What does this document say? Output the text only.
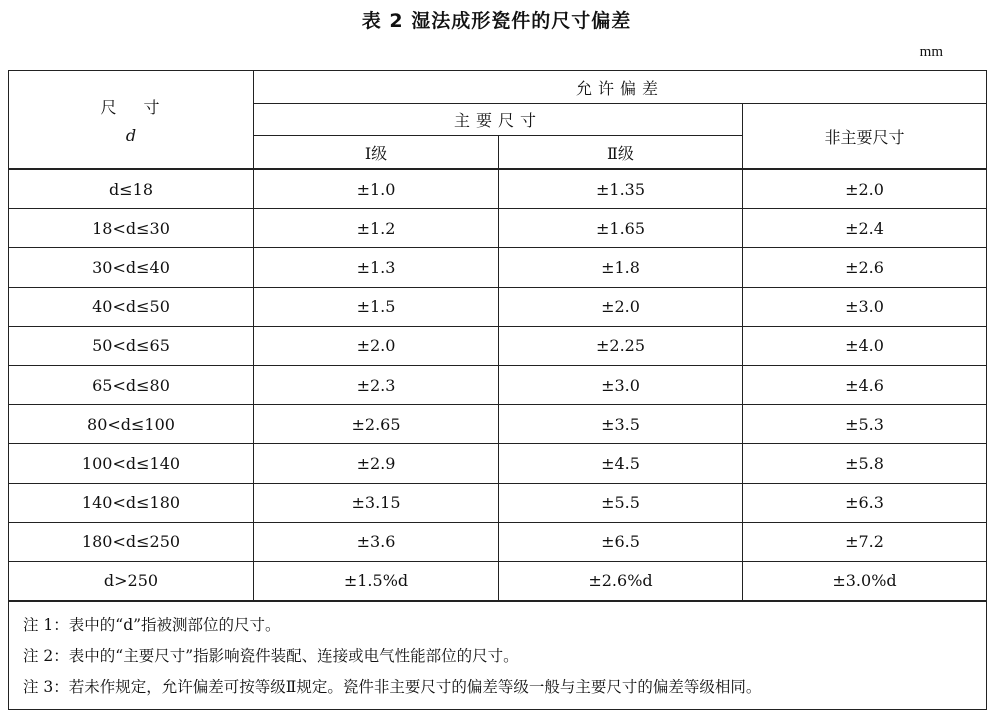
表 2 湿法成形瓷件的尺寸偏差
mm
尺　 寸
d	允许偏差		
	主要尺寸		非主要尺寸
	Ⅰ级	Ⅱ级	
d≤18	±1.0	±1.35	±2.0
18<d≤30	±1.2	±1.65	±2.4
30<d≤40	±1.3	±1.8	±2.6
40<d≤50	±1.5	±2.0	±3.0
50<d≤65	±2.0	±2.25	±4.0
65<d≤80	±2.3	±3.0	±4.6
80<d≤100	±2.65	±3.5	±5.3
100<d≤140	±2.9	±4.5	±5.8
140<d≤180	±3.15	±5.5	±6.3
180<d≤250	±3.6	±6.5	±7.2
d>250	±1.5%d	±2.6%d	±3.0%d

注 1：表中的“d”指被测部位的尺寸。
注 2：表中的“主要尺寸”指影响瓷件装配、连接或电气性能部位的尺寸。
注 3：若未作规定，允许偏差可按等级Ⅱ规定。瓷件非主要尺寸的偏差等级一般与主要尺寸的偏差等级相同。			
